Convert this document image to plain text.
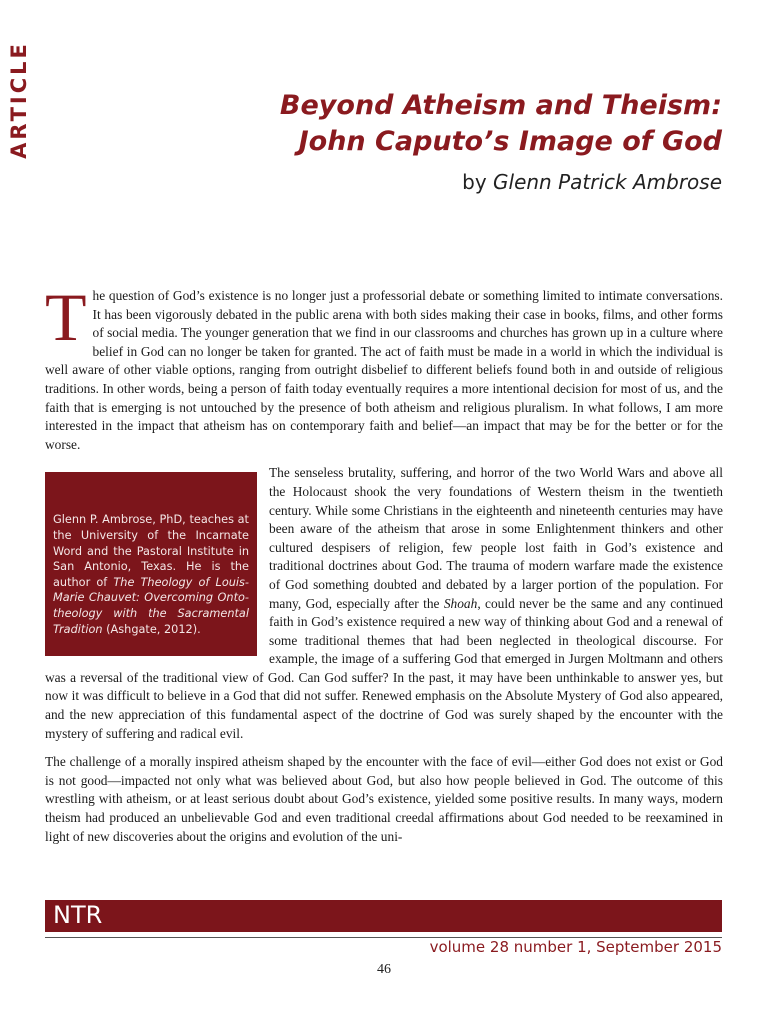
ARTICLE	Beyond Atheism and Theism:
John Caputo’s Image of God
by Glenn Patrick Ambrose

The question of God’s existence is no longer just a professorial debate or something limited to intimate conversations. It has been vigorously debated in the public arena with both sides making their case in books, films, and other forms of social media. The younger generation that we find in our classrooms and churches has grown up in a culture where belief in God can no longer be taken for granted. The act of faith must be made in a world in which the individual is well aware of other viable options, ranging from outright disbelief to different beliefs found both in and outside of religious traditions. In other words, being a person of faith today eventually requires a more intentional decision for most of us, and the faith that is emerging is not untouched by the presence of both atheism and religious pluralism. In what follows, I am more interested in the impact that atheism has on contemporary faith and belief—an impact that may be for the better or for the worse.

Glenn P. Ambrose, PhD, teaches at the University of the Incarnate Word and the Pastoral Institute in San Antonio, Texas. He is the author of The Theology of Louis-Marie Chauvet: Overcoming Onto-theology with the Sacramental Tradition (Ashgate, 2012).
The senseless brutality, suffering, and horror of the two World Wars and above all the Holocaust shook the very foundations of Western theism in the twentieth century. While some Christians in the eighteenth and nineteenth centuries may have been aware of the atheism that arose in some Enlightenment thinkers and other cultured despisers of religion, few people lost faith in God’s existence and traditional doctrines about God. The trauma of modern warfare made the existence of God something doubted and debated by a larger portion of the population. For many, God, especially after the Shoah, could never be the same and any continued faith in God’s existence required a new way of thinking about God and a renewal of some traditional themes that had been neglected in theological discourse. For example, the image of a suffering God that emerged in Jurgen Moltmann and others was a reversal of the traditional view of God. Can God suffer? In the past, it may have been unthinkable to answer yes, but now it was difficult to believe in a God that did not suffer. Renewed emphasis on the Absolute Mystery of God also appeared, and the new appreciation of this fundamental aspect of the doctrine of God was surely shaped by the encounter with the mystery of suffering and radical evil.

The challenge of a morally inspired atheism shaped by the encounter with the face of evil—either God does not exist or God is not good—impacted not only what was believed about God, but also how people believed in God. The outcome of this wrestling with atheism, or at least serious doubt about God’s existence, yielded some positive results. In many ways, modern theism had produced an unbelievable God and even traditional creedal affirmations about God needed to be reexamined in light of new discoveries about the origins and evolution of the uni-

NTR
volume 28 number 1, September 2015
46
